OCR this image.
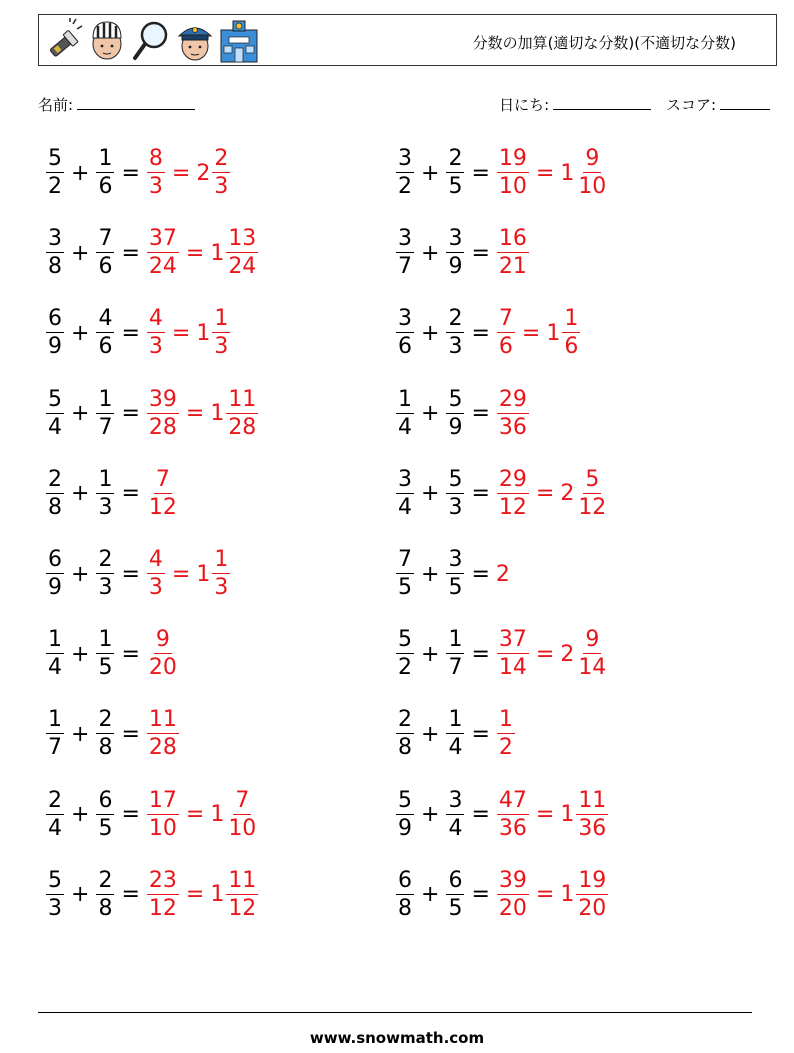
分数の加算(適切な分数)(不適切な分数)
名前:	日にち:	スコア:
$\frac{5}{2} + \frac{1}{6} = \frac{8}{3} = 2 \frac{2}{3}$	$\frac{3}{2} + \frac{2}{5} = \frac{19}{10} = 1 \frac{9}{10}$
$\frac{3}{8} + \frac{7}{6} = \frac{37}{24} = 1 \frac{13}{24}$	$\frac{3}{7} + \frac{3}{9} = \frac{16}{21}$
$\frac{6}{9} + \frac{4}{6} = \frac{4}{3} = 1 \frac{1}{3}$	$\frac{3}{6} + \frac{2}{3} = \frac{7}{6} = 1 \frac{1}{6}$
$\frac{5}{4} + \frac{1}{7} = \frac{39}{28} = 1 \frac{11}{28}$	$\frac{1}{4} + \frac{5}{9} = \frac{29}{36}$
$\frac{2}{8} + \frac{1}{3} = \frac{7}{12}$	$\frac{3}{4} + \frac{5}{3} = \frac{29}{12} = 2 \frac{5}{12}$
$\frac{6}{9} + \frac{2}{3} = \frac{4}{3} = 1 \frac{1}{3}$	$\frac{7}{5} + \frac{3}{5} = 2$
$\frac{1}{4} + \frac{1}{5} = \frac{9}{20}$	$\frac{5}{2} + \frac{1}{7} = \frac{37}{14} = 2 \frac{9}{14}$
$\frac{1}{7} + \frac{2}{8} = \frac{11}{28}$	$\frac{2}{8} + \frac{1}{4} = \frac{1}{2}$
$\frac{2}{4} + \frac{6}{5} = \frac{17}{10} = 1 \frac{7}{10}$	$\frac{5}{9} + \frac{3}{4} = \frac{47}{36} = 1 \frac{11}{36}$
$\frac{5}{3} + \frac{2}{8} = \frac{23}{12} = 1 \frac{11}{12}$	$\frac{6}{8} + \frac{6}{5} = \frac{39}{20} = 1 \frac{19}{20}$
www.snowmath.com
